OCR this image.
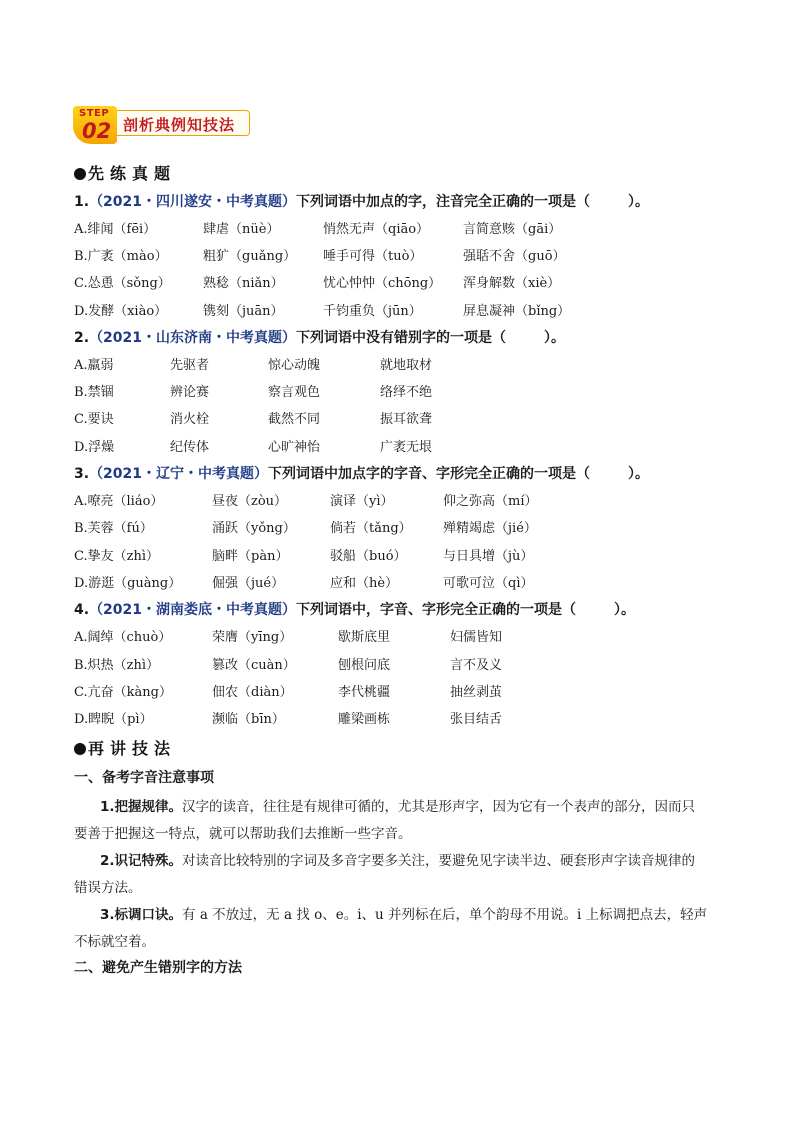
剖析典例知技法
STEP
02
先练真题
1.（2021・四川遂安・中考真题）下列词语中加点的字，注音完全正确的一项是（	）。
A.绯闻（fēi）	肆虐（nüè）	悄然无声（qiāo）	言简意赅（gāi）
B.广袤（mào）	粗犷（guǎng） 唾手可得（tuò）	强聒不舍（guō）
C.怂恿（sǒng） 熟稔（niǎn）	忧心忡忡（chōng） 浑身解数（xiè）
D.发酵（xiào）	镌刻（juān）	千钧重负（jūn）	屏息凝神（bǐng）
2.（2021・山东济南・中考真题）下列词语中没有错别字的一项是（	）。
A.羸弱	先驱者	惊心动魄	就地取材
B.禁锢	辨论赛	察言观色	络绎不绝
C.要诀	消火栓	截然不同	振耳欲聋
D.浮燥	纪传体	心旷神怡	广袤无垠
3.（2021・辽宁・中考真题）下列词语中加点字的字音、字形完全正确的一项是（	）。
A.嘹亮（liáo）	昼夜（zòu）	演译（yì）	仰之弥高（mí）
B.芙蓉（fú）	涌跃（yǒng）	倘若（tǎng） 殚精竭虑（jié）
C.挚友（zhì）	脑畔（pàn）	驳船（buó）	与日具增（jù）
D.游逛（guàng） 倔强（jué）	应和（hè）	可歌可泣（qì）
4.（2021・湖南娄底・中考真题）下列词语中，字音、字形完全正确的一项是（	）。
A.阔绰（chuò）	荣膺（yīng）	歇斯底里	妇儒皆知
B.炽热（zhì）	篡改（cuàn）	刨根问底	言不及义
C.亢奋（kàng）	佃农（diàn）	李代桃疆	抽丝剥茧
D.睥睨（pì）	濒临（bīn）	雕梁画栋	张目结舌
再讲技法
一、备考字音注意事项
1.把握规律。汉字的读音，往往是有规律可循的，尤其是形声字，因为它有一个表声的部分，因而只
要善于把握这一特点，就可以帮助我们去推断一些字音。
2.识记特殊。对读音比较特别的字词及多音字要多关注，要避免见字读半边、硬套形声字读音规律的
错误方法。
3.标调口诀。有 a 不放过，无 a 找 o、e。i、u 并列标在后，单个韵母不用说。i 上标调把点去，轻声
不标就空着。
二、避免产生错别字的方法
